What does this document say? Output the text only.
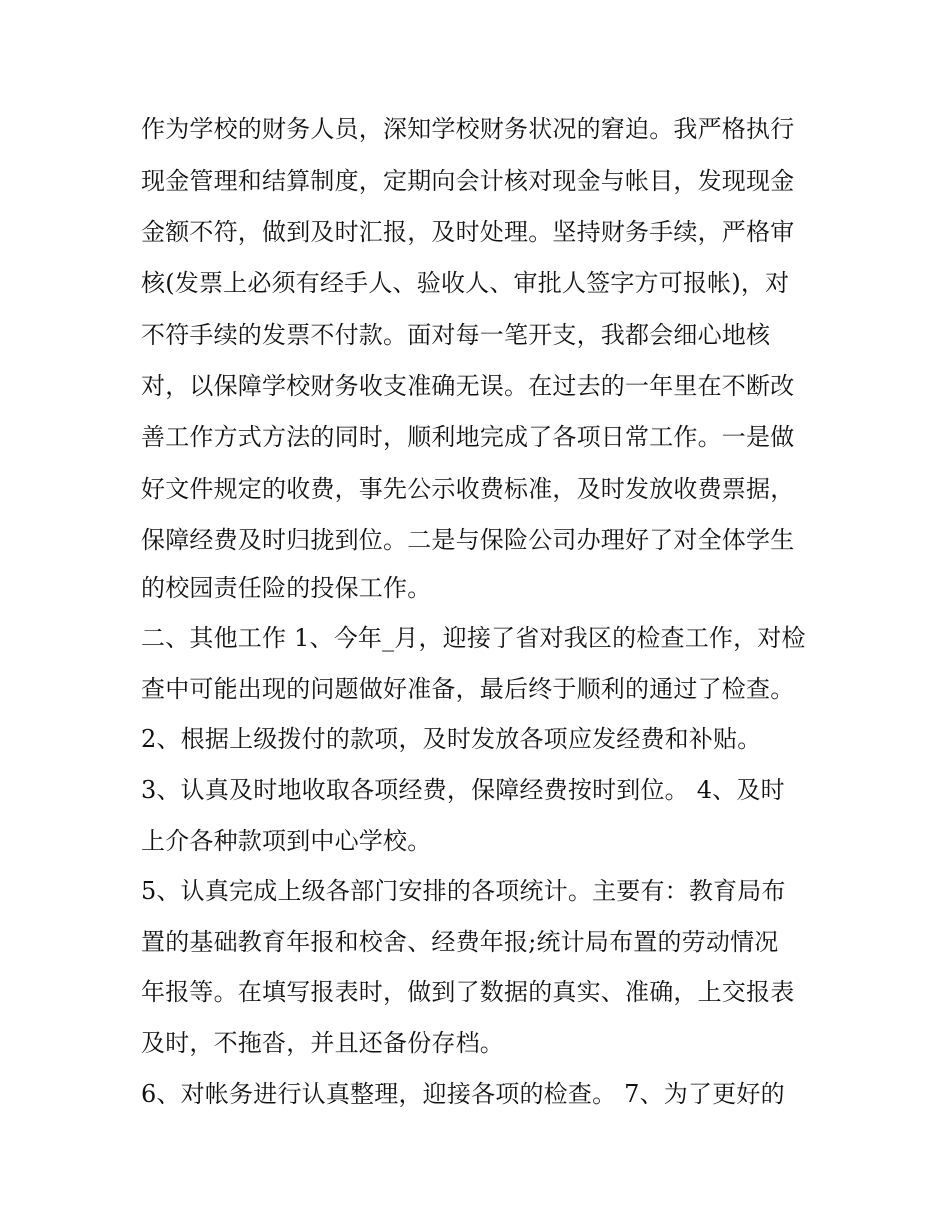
作为学校的财务人员，深知学校财务状况的窘迫。我严格执行
现金管理和结算制度，定期向会计核对现金与帐目，发现现金
金额不符，做到及时汇报，及时处理。坚持财务手续，严格审
核(发票上必须有经手人、验收人、审批人签字方可报帐)，对
不符手续的发票不付款。面对每一笔开支，我都会细心地核
对，以保障学校财务收支准确无误。在过去的一年里在不断改
善工作方式方法的同时，顺利地完成了各项日常工作。一是做
好文件规定的收费，事先公示收费标准，及时发放收费票据，
保障经费及时归拢到位。二是与保险公司办理好了对全体学生
的校园责任险的投保工作。
二、其他工作 1、今年_月，迎接了省对我区的检查工作，对检
查中可能出现的问题做好准备，最后终于顺利的通过了检查。
2、根据上级拨付的款项，及时发放各项应发经费和补贴。
3、认真及时地收取各项经费，保障经费按时到位。 4、及时
上介各种款项到中心学校。
5、认真完成上级各部门安排的各项统计。主要有：教育局布
置的基础教育年报和校舍、经费年报;统计局布置的劳动情况
年报等。在填写报表时，做到了数据的真实、准确，上交报表
及时，不拖沓，并且还备份存档。
6、对帐务进行认真整理，迎接各项的检查。 7、为了更好的
